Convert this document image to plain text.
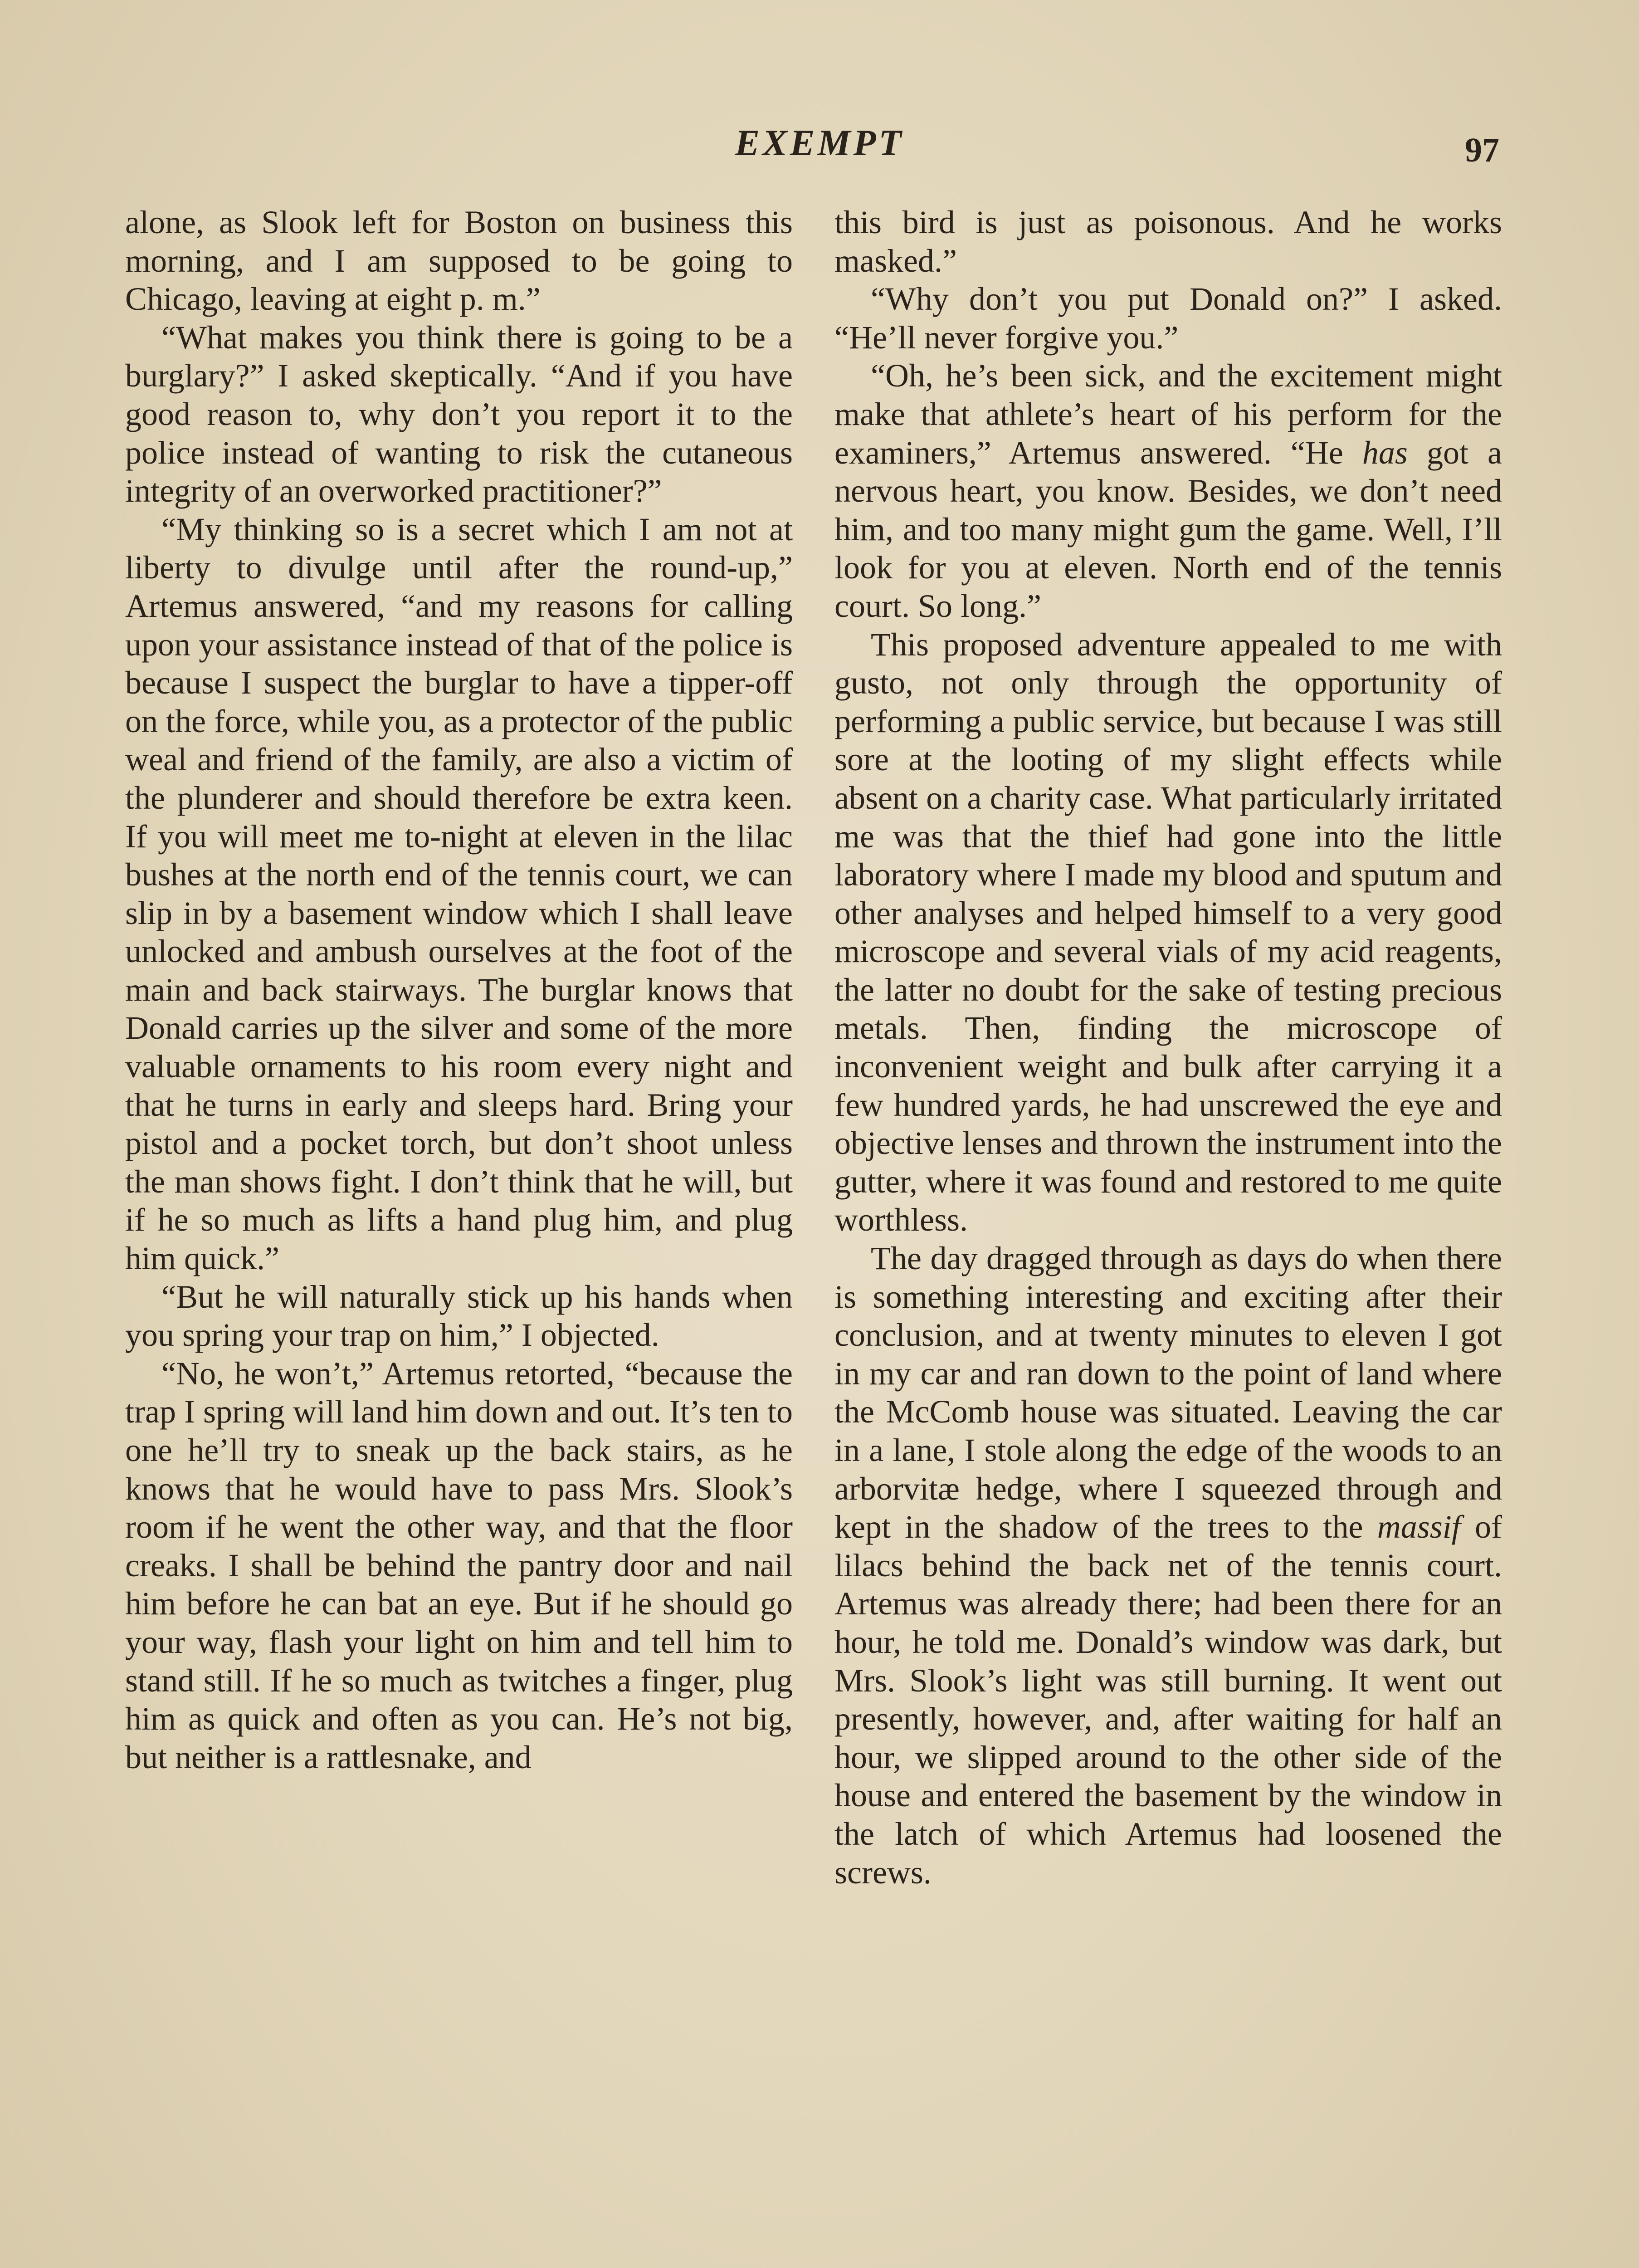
EXEMPT	97

alone, as Slook left for Boston on business this morning, and I am supposed to be going to Chicago, leaving at eight p. m.”

“What makes you think there is going to be a burglary?” I asked skeptically. “And if you have good reason to, why don’t you report it to the police instead of wanting to risk the cutaneous integrity of an overworked practitioner?”

“My thinking so is a secret which I am not at liberty to divulge until after the round-up,” Artemus answered, “and my reasons for calling upon your assistance instead of that of the police is because I suspect the burglar to have a tipper-off on the force, while you, as a protector of the public weal and friend of the family, are also a victim of the plunderer and should therefore be extra keen. If you will meet me to-night at eleven in the lilac bushes at the north end of the tennis court, we can slip in by a basement window which I shall leave unlocked and ambush ourselves at the foot of the main and back stairways. The burglar knows that Donald carries up the silver and some of the more valuable ornaments to his room every night and that he turns in early and sleeps hard. Bring your pistol and a pocket torch, but don’t shoot unless the man shows fight. I don’t think that he will, but if he so much as lifts a hand plug him, and plug him quick.”

“But he will naturally stick up his hands when you spring your trap on him,” I objected.

“No, he won’t,” Artemus retorted, “because the trap I spring will land him down and out. It’s ten to one he’ll try to sneak up the back stairs, as he knows that he would have to pass Mrs. Slook’s room if he went the other way, and that the floor creaks. I shall be behind the pantry door and nail him before he can bat an eye. But if he should go your way, flash your light on him and tell him to stand still. If he so much as twitches a finger, plug him as quick and often as you can. He’s not big, but neither is a rattlesnake, and

this bird is just as poisonous. And he works masked.”

“Why don’t you put Donald on?” I asked. “He’ll never forgive you.”

“Oh, he’s been sick, and the excitement might make that athlete’s heart of his perform for the examiners,” Artemus answered. “He has got a nervous heart, you know. Besides, we don’t need him, and too many might gum the game. Well, I’ll look for you at eleven. North end of the tennis court. So long.”

This proposed adventure appealed to me with gusto, not only through the opportunity of performing a public service, but because I was still sore at the looting of my slight effects while absent on a charity case. What particularly irritated me was that the thief had gone into the little laboratory where I made my blood and sputum and other analyses and helped himself to a very good microscope and several vials of my acid reagents, the latter no doubt for the sake of testing precious metals. Then, finding the microscope of inconvenient weight and bulk after carrying it a few hundred yards, he had unscrewed the eye and objective lenses and thrown the instrument into the gutter, where it was found and restored to me quite worthless.

The day dragged through as days do when there is something interesting and exciting after their conclusion, and at twenty minutes to eleven I got in my car and ran down to the point of land where the McComb house was situated. Leaving the car in a lane, I stole along the edge of the woods to an arborvitæ hedge, where I squeezed through and kept in the shadow of the trees to the massif of lilacs behind the back net of the tennis court. Artemus was already there; had been there for an hour, he told me. Donald’s window was dark, but Mrs. Slook’s light was still burning. It went out presently, however, and, after waiting for half an hour, we slipped around to the other side of the house and entered the basement by the window in the latch of which Artemus had loosened the screws.
